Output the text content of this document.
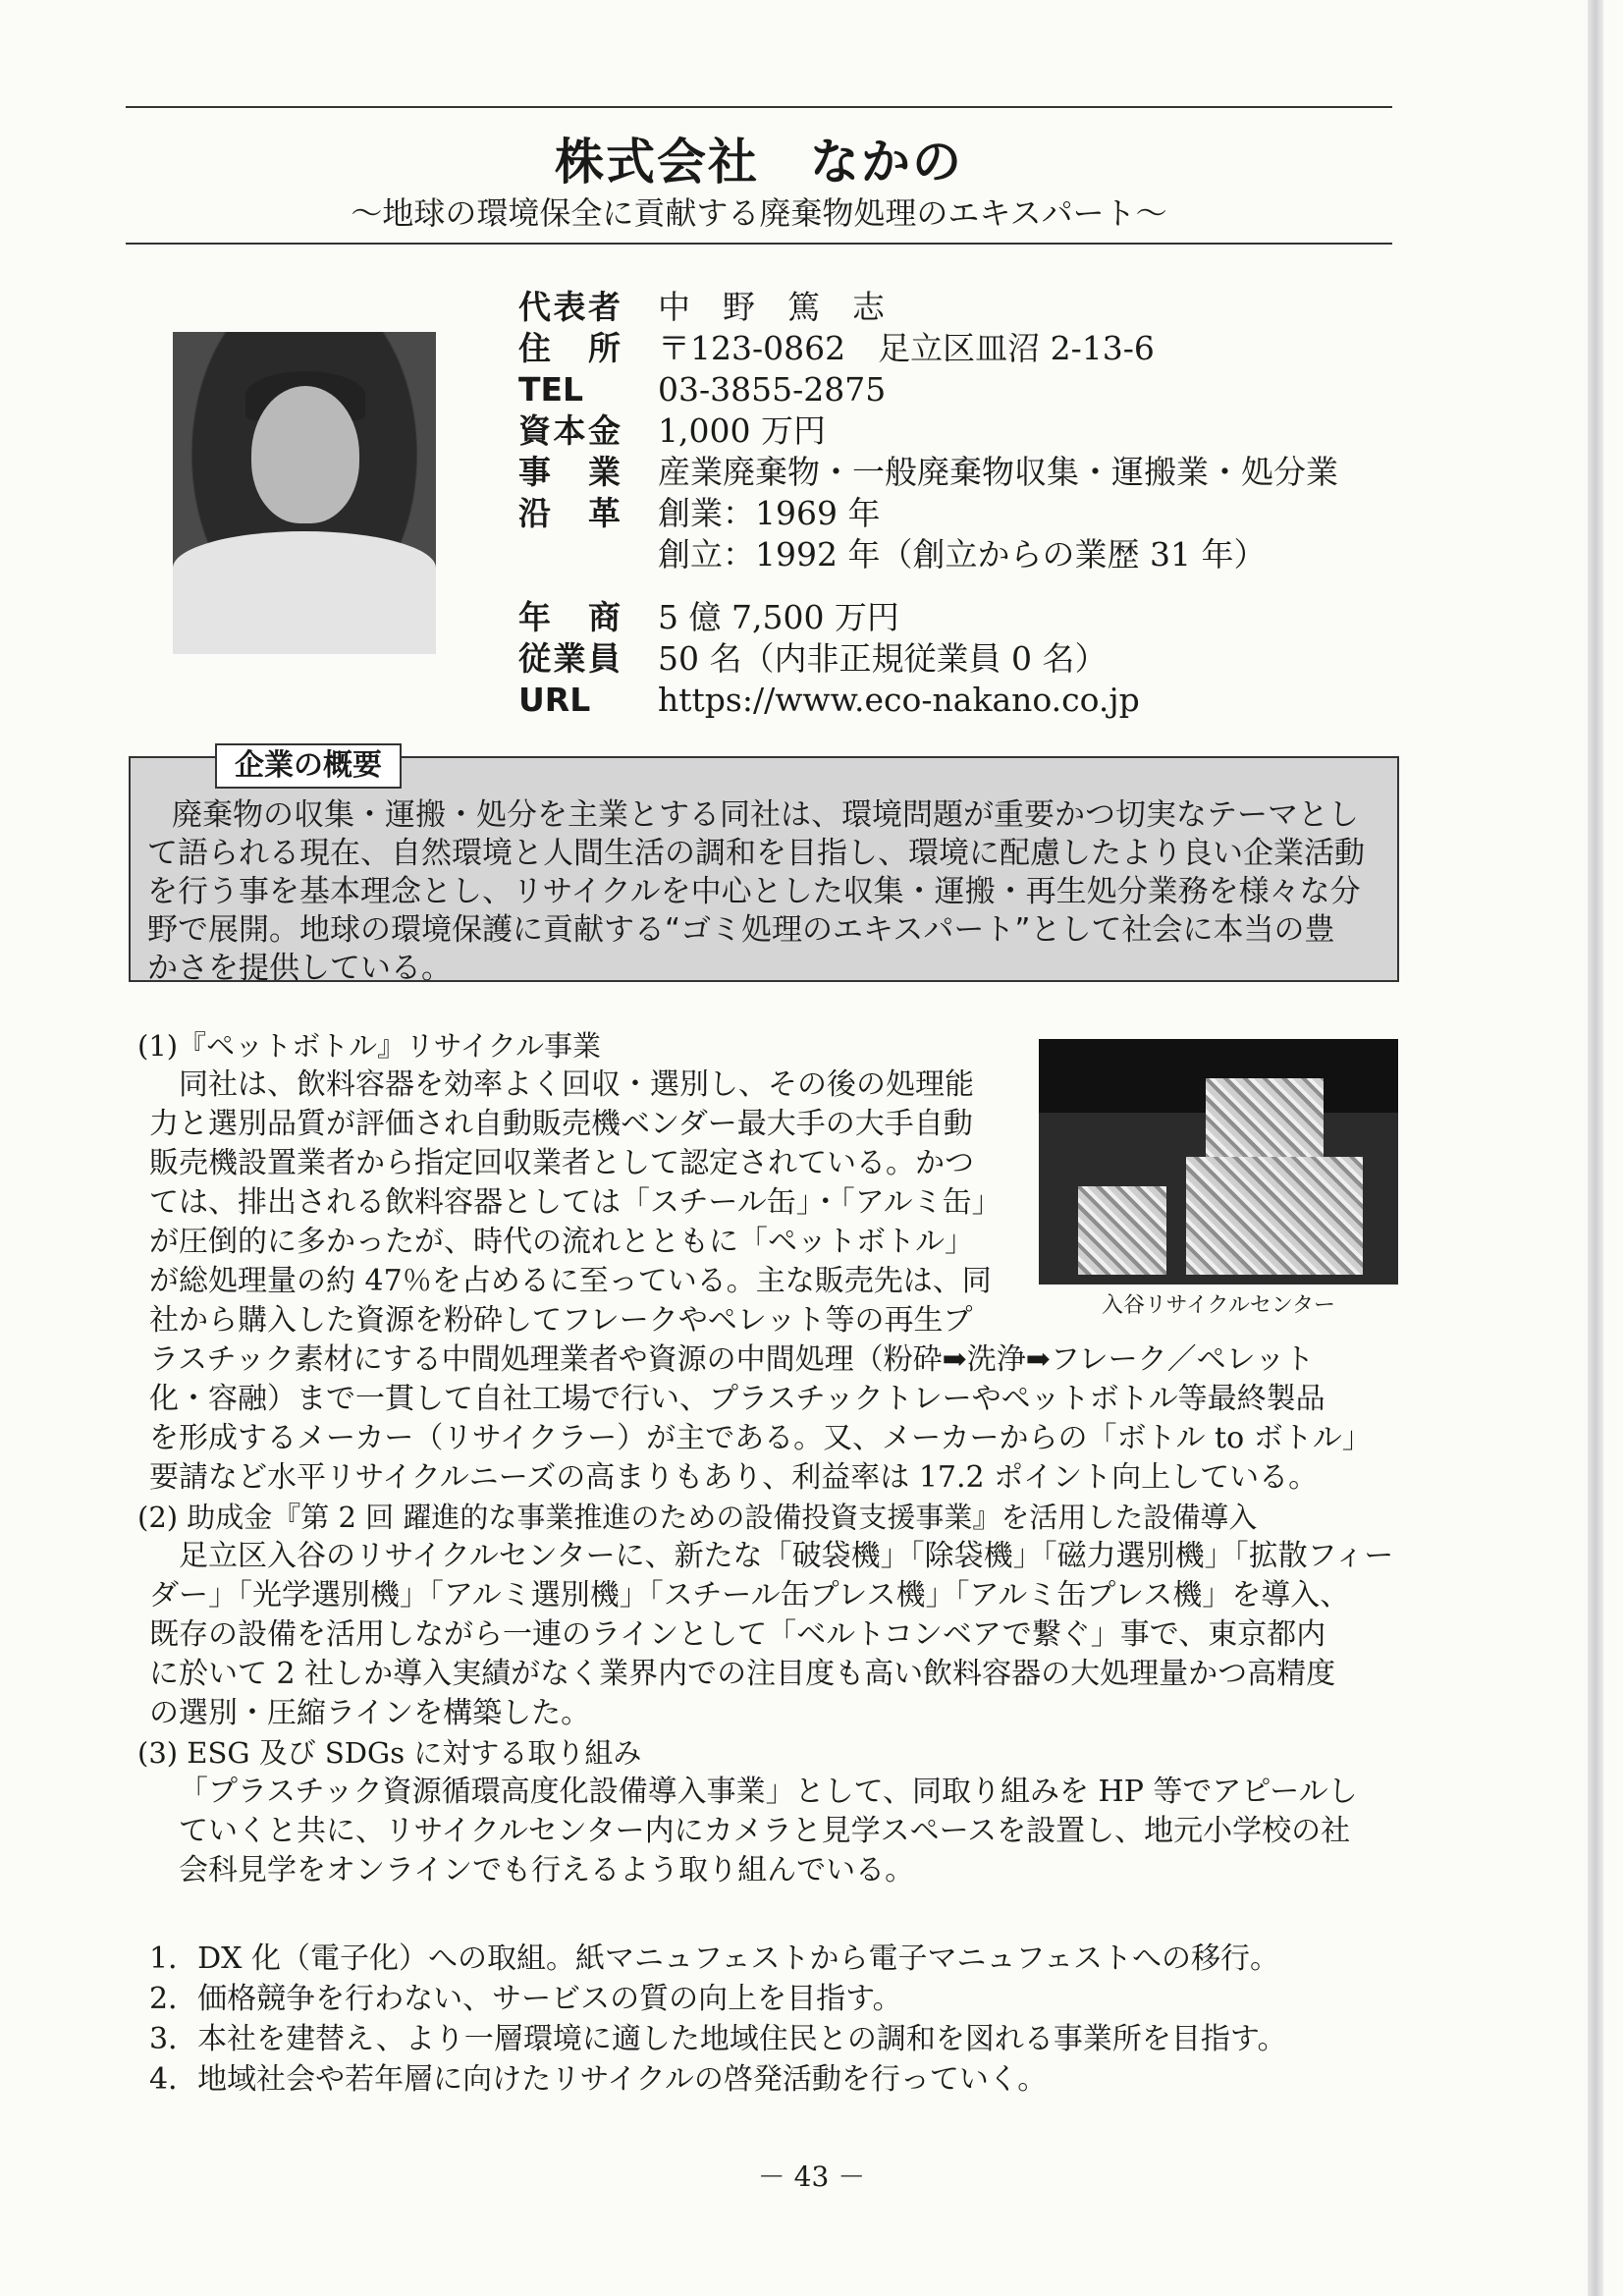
株式会社　なかの
～地球の環境保全に貢献する廃棄物処理のエキスパート～
代表者 中　野　篤　志
住所 〒123-0862　足立区皿沼 2-13-6
TEL	03-3855-2875
資本金 1,000 万円
事業 産業廃棄物・一般廃棄物収集・運搬業・処分業
沿革 創業：1969 年
創立：1992 年（創立からの業歴 31 年）
年商 5 億 7,500 万円
従業員 50 名（内非正規従業員 0 名）
URL	https://www.eco-nakano.co.jp
企業の概要
廃棄物の収集・運搬・処分を主業とする同社は、環境問題が重要かつ切実なテーマとし
て語られる現在、自然環境と人間生活の調和を目指し、環境に配慮したより良い企業活動
を行う事を基本理念とし、リサイクルを中心とした収集・運搬・再生処分業務を様々な分
野で展開。地球の環境保護に貢献する“ゴミ処理のエキスパート”として社会に本当の豊
かさを提供している。
入谷リサイクルセンター
(1)『ペットボトル』リサイクル事業
　同社は、飲料容器を効率よく回収・選別し、その後の処理能
力と選別品質が評価され自動販売機ベンダー最大手の大手自動
販売機設置業者から指定回収業者として認定されている。かつ
ては、排出される飲料容器としては「スチール缶」・「アルミ缶」
が圧倒的に多かったが、時代の流れとともに「ペットボトル」
が総処理量の約 47％を占めるに至っている。主な販売先は、同
社から購入した資源を粉砕してフレークやペレット等の再生プ
ラスチック素材にする中間処理業者や資源の中間処理（粉砕➡洗浄➡フレーク／ペレット
化・容融）まで一貫して自社工場で行い、プラスチックトレーやペットボトル等最終製品
を形成するメーカー（リサイクラー）が主である。又、メーカーからの「ボトル to ボトル」
要請など水平リサイクルニーズの高まりもあり、利益率は 17.2 ポイント向上している。
(2) 助成金『第 2 回 躍進的な事業推進のための設備投資支援事業』を活用した設備導入
　足立区入谷のリサイクルセンターに、新たな「破袋機」「除袋機」「磁力選別機」「拡散フィー
ダー」「光学選別機」「アルミ選別機」「スチール缶プレス機」「アルミ缶プレス機」を導入、
既存の設備を活用しながら一連のラインとして「ベルトコンベアで繋ぐ」事で、東京都内
に於いて 2 社しか導入実績がなく業界内での注目度も高い飲料容器の大処理量かつ高精度
の選別・圧縮ラインを構築した。
(3) ESG 及び SDGs に対する取り組み
「プラスチック資源循環高度化設備導入事業」として、同取り組みを HP 等でアピールし
ていくと共に、リサイクルセンター内にカメラと見学スペースを設置し、地元小学校の社
会科見学をオンラインでも行えるよう取り組んでいる。
1．DX 化（電子化）への取組。紙マニュフェストから電子マニュフェストへの移行。
2．価格競争を行わない、サービスの質の向上を目指す。
3．本社を建替え、より一層環境に適した地域住民との調和を図れる事業所を目指す。
4．地域社会や若年層に向けたリサイクルの啓発活動を行っていく。
－ 43 －
